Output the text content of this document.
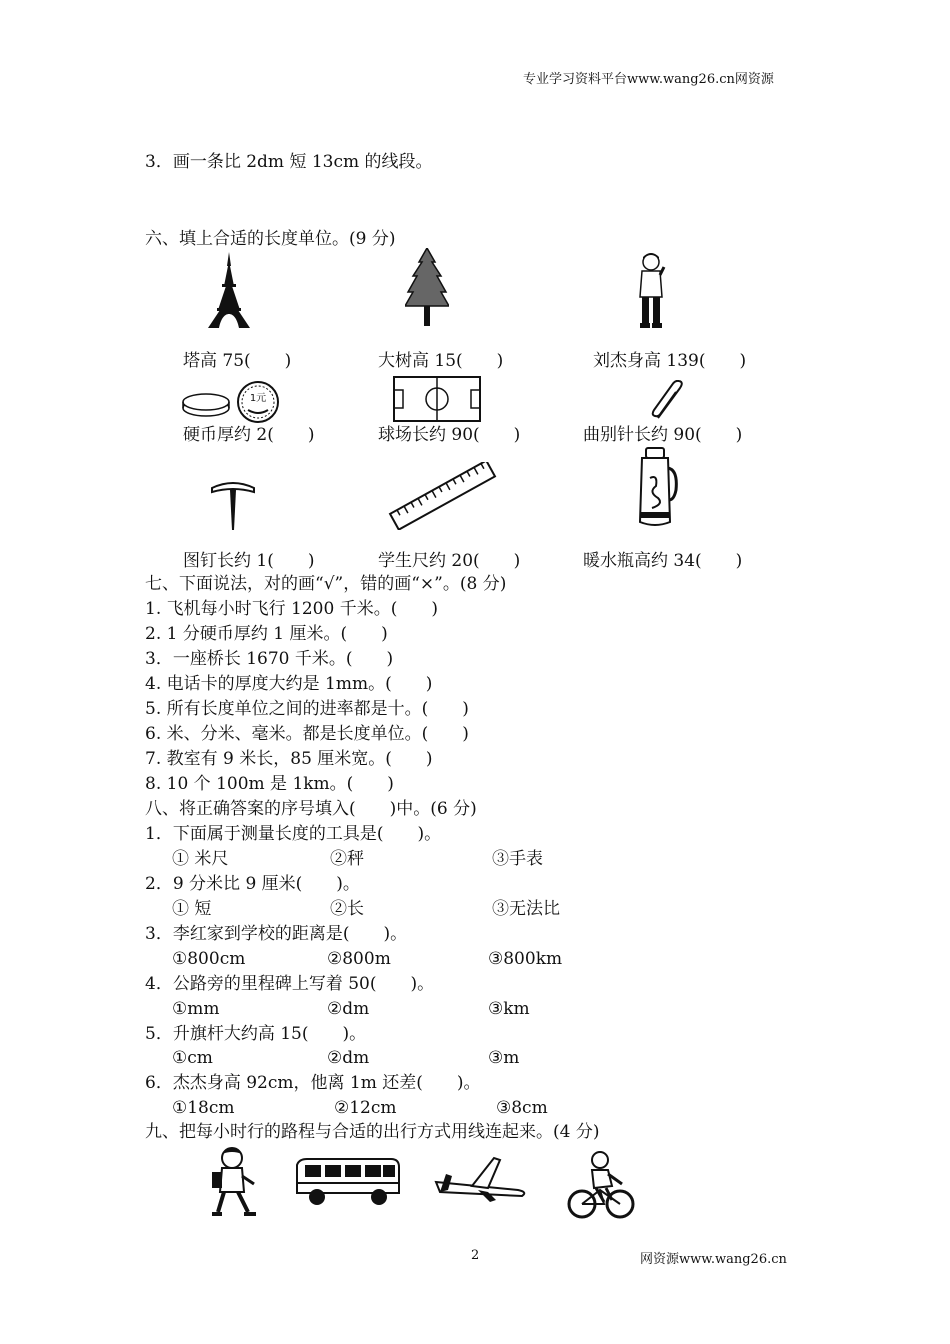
专业学习资料平台www.wang26.cn网资源
3．画一条比 2dm 短 13cm 的线段。
六、填上合适的长度单位。(9 分)
塔高 75(　　)	大树高 15(　　)	刘杰身高 139(　　)
1元
硬币厚约 2(　　)	球场长约 90(　　)	曲别针长约 90(　　)
图钉长约 1(　　)	学生尺约 20(　　)	暖水瓶高约 34(　　)
七、下面说法，对的画“√”，错的画“×”。(8 分)
1. 飞机每小时飞行 1200 千米。(　　)
2. 1 分硬币厚约 1 厘米。(　　)
3．一座桥长 1670 千米。(　　)
4. 电话卡的厚度大约是 1mm。(　　)
5. 所有长度单位之间的进率都是十。(　　)
6. 米、分米、毫米。都是长度单位。(　　)
7. 教室有 9 米长，85 厘米宽。(　　)
8. 10 个 100m 是 1km。(　　)
八、将正确答案的序号填入(　　)中。(6 分)
1．下面属于测量长度的工具是(　　)。
① 米尺	②秤	③手表
2．9 分米比 9 厘米(　　)。
① 短	②长	③无法比
3．李红家到学校的距离是(　　)。
①800cm	②800m	③800km
4．公路旁的里程碑上写着 50(　　)。
①mm	②dm	③km
5．升旗杆大约高 15(　　)。
①cm	②dm	③m
6．杰杰身高 92cm，他离 1m 还差(　　)。
①18cm	②12cm	③8cm
九、把每小时行的路程与合适的出行方式用线连起来。(4 分)
2	网资源www.wang26.cn
